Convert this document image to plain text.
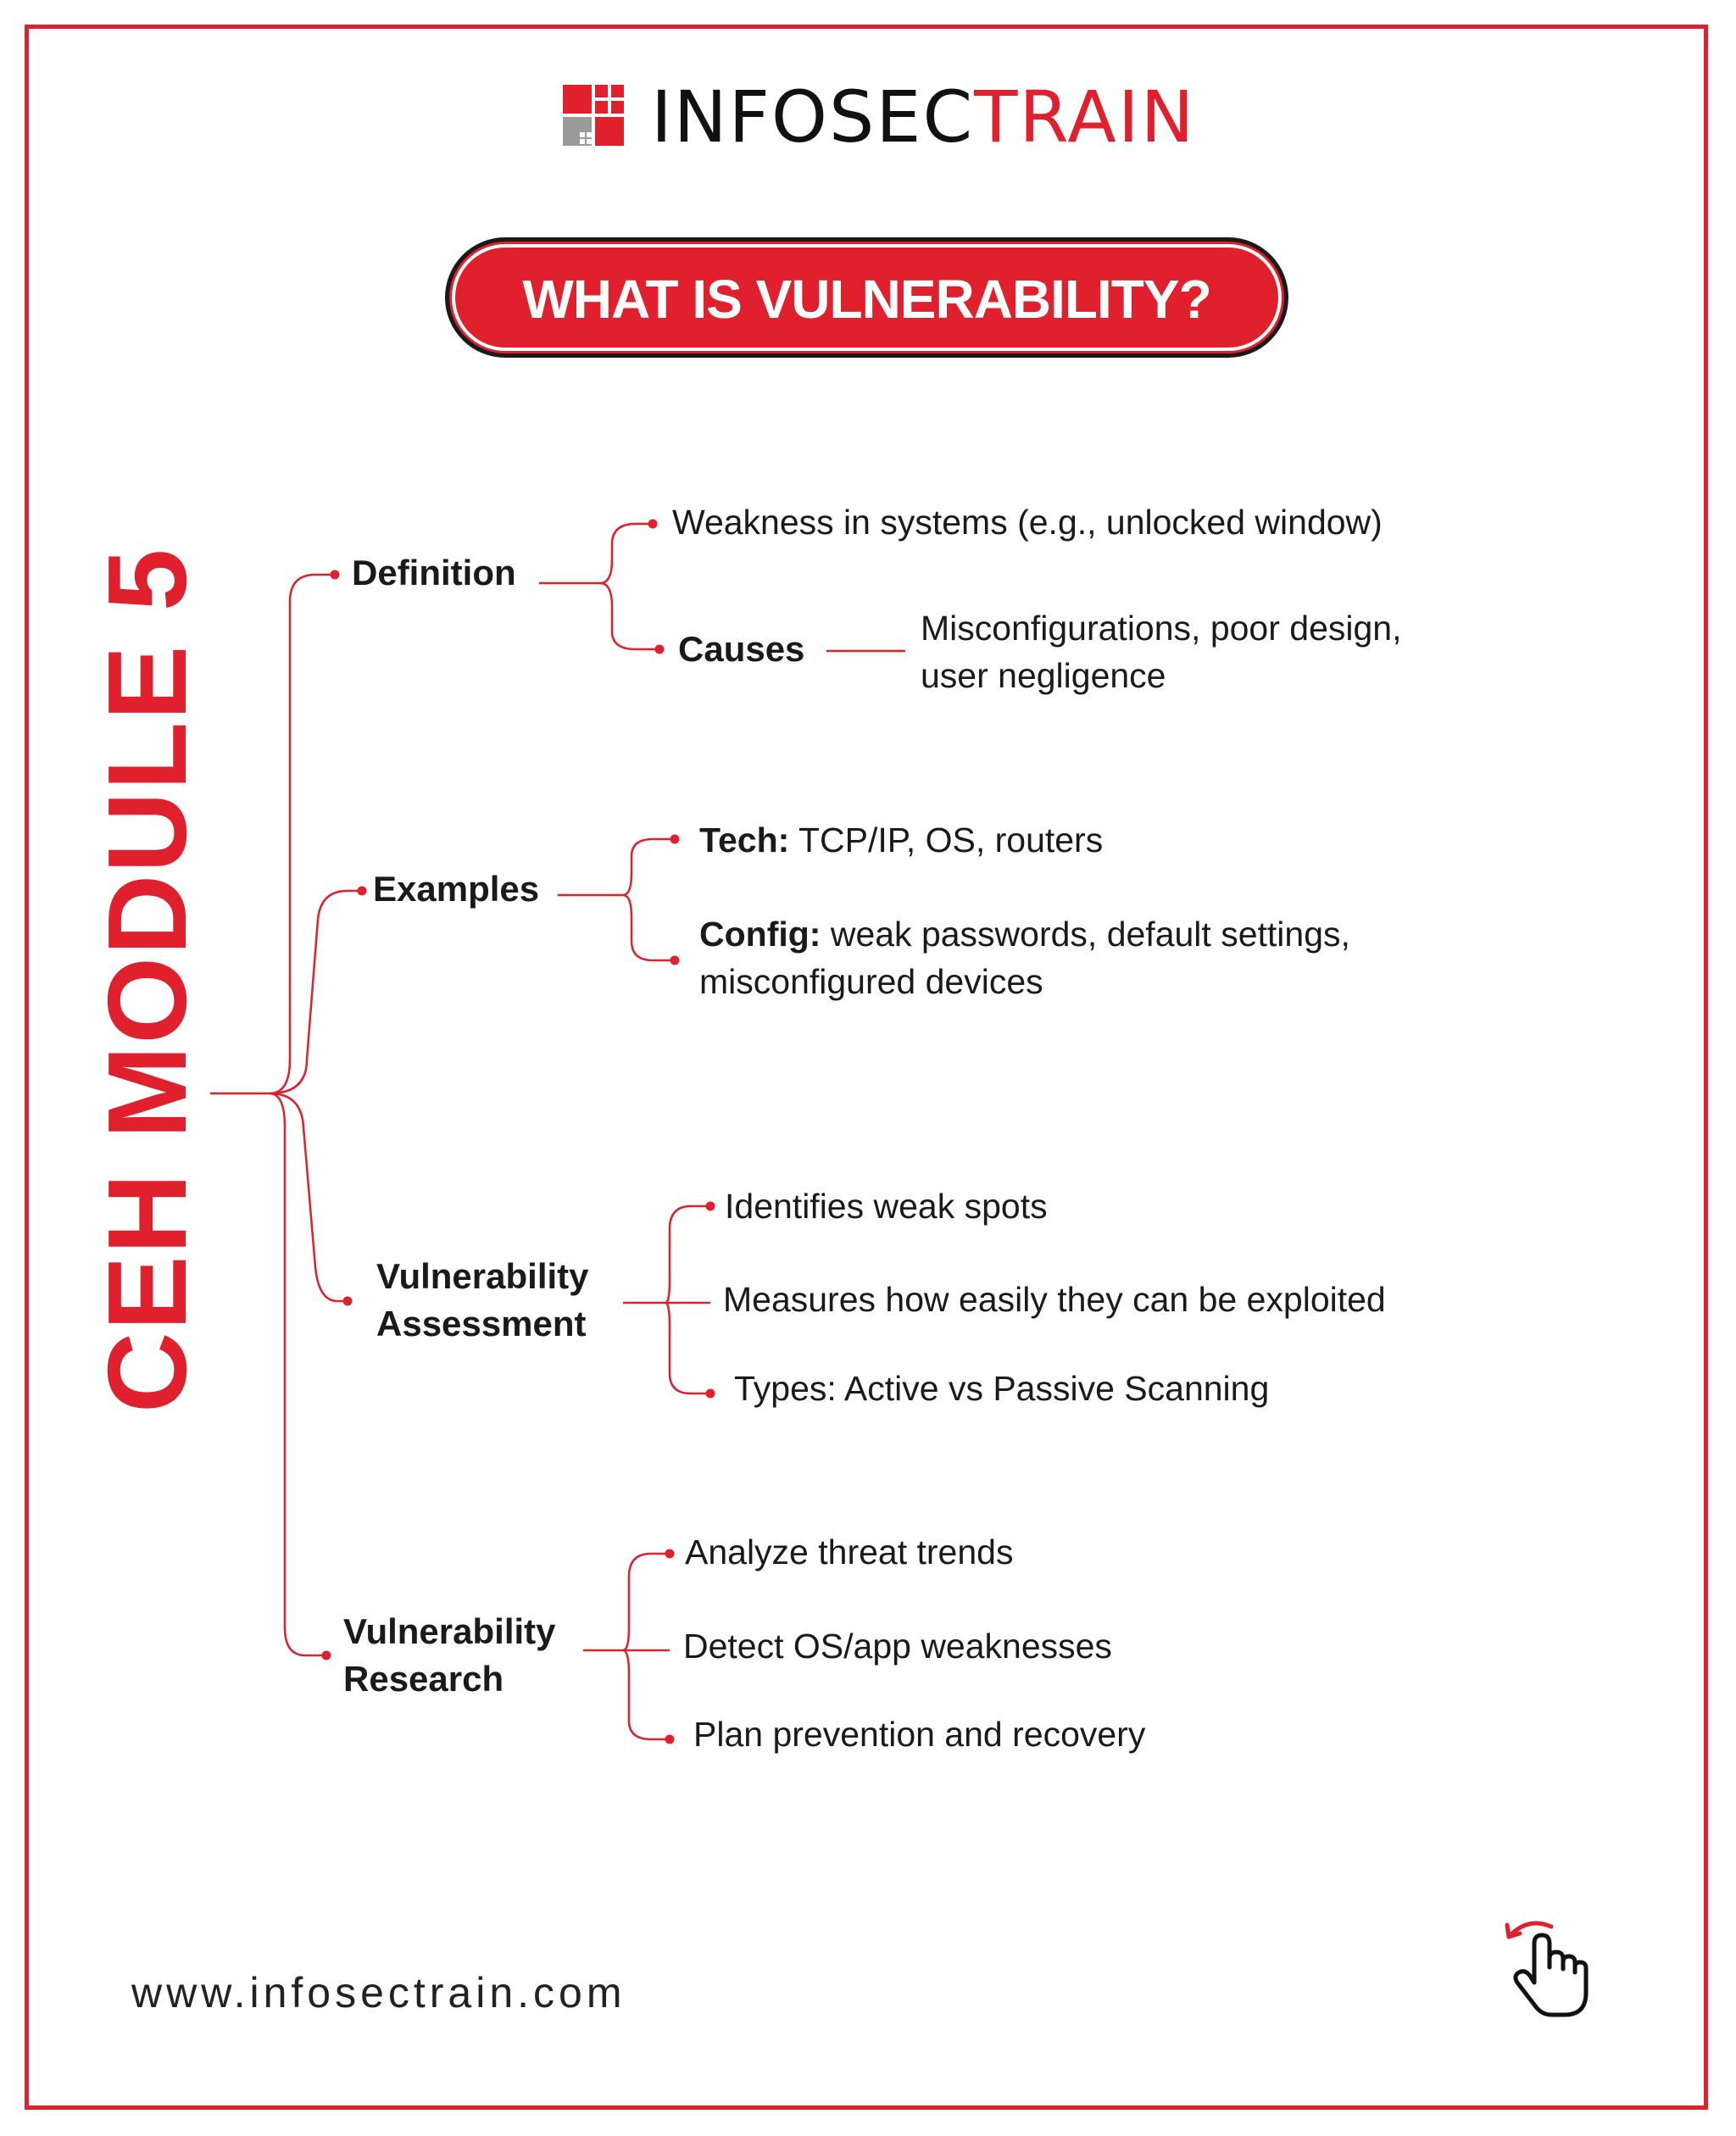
INFOSECTRAIN
WHAT IS VULNERABILITY?
CEH MODULE 5	Definition
Weakness in systems (e.g., unlocked window)
Causes
Misconfigurations, poor design,
user negligence
Examples
Tech: TCP/IP, OS, routers
Config: weak passwords, default settings,
misconfigured devices
Vulnerability
Assessment
Identifies weak spots
Measures how easily they can be exploited
Types: Active vs Passive Scanning
Vulnerability
Research
Analyze threat trends
Detect OS/app weaknesses
Plan prevention and recovery
www.infosectrain.com
